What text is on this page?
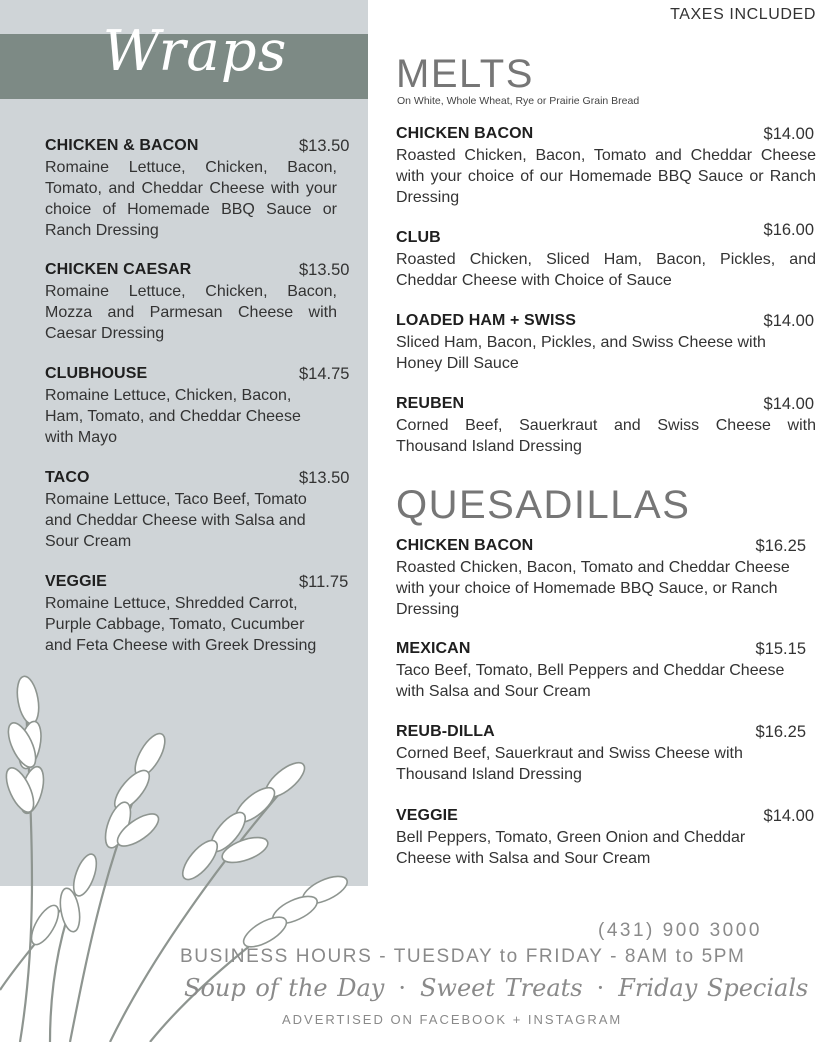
Wraps
CHICKEN & BACON	$13.50
Romaine Lettuce, Chicken, Bacon, Tomato, and Cheddar Cheese with your choice of Homemade BBQ Sauce or Ranch Dressing
CHICKEN CAESAR	$13.50
Romaine Lettuce, Chicken, Bacon, Mozza and Parmesan Cheese with Caesar Dressing
CLUBHOUSE	$14.75
Romaine Lettuce, Chicken, Bacon, Ham, Tomato, and Cheddar Cheese with Mayo
TACO	$13.50
Romaine Lettuce, Taco Beef, Tomato and Cheddar Cheese with Salsa and Sour Cream
VEGGIE	$11.75
Romaine Lettuce, Shredded Carrot, Purple Cabbage, Tomato, Cucumber and Feta Cheese with Greek Dressing
TAXES INCLUDED
MELTS
On White, Whole Wheat, Rye or Prairie Grain Bread
CHICKEN BACON	$14.00
Roasted Chicken, Bacon, Tomato and Cheddar Cheese with your choice of our Homemade BBQ Sauce or Ranch Dressing
CLUB	$16.00
Roasted Chicken, Sliced Ham, Bacon, Pickles, and Cheddar Cheese with Choice of Sauce
LOADED HAM + SWISS	$14.00
Sliced Ham, Bacon, Pickles, and Swiss Cheese with Honey Dill Sauce
REUBEN	$14.00
Corned Beef, Sauerkraut and Swiss Cheese with Thousand Island Dressing
QUESADILLAS
CHICKEN BACON	$16.25
Roasted Chicken, Bacon, Tomato and Cheddar Cheese with your choice of Homemade BBQ Sauce, or Ranch Dressing
MEXICAN	$15.15
Taco Beef, Tomato, Bell Peppers and Cheddar Cheese with Salsa and Sour Cream
REUB-DILLA	$16.25
Corned Beef, Sauerkraut and Swiss Cheese with Thousand Island Dressing
VEGGIE	$14.00
Bell Peppers, Tomato, Green Onion and Cheddar Cheese with Salsa and Sour Cream
(431) 900 3000
BUSINESS HOURS - TUESDAY to FRIDAY - 8AM to 5PM
Soup of the Day · Sweet Treats · Friday Specials
ADVERTISED ON FACEBOOK + INSTAGRAM
